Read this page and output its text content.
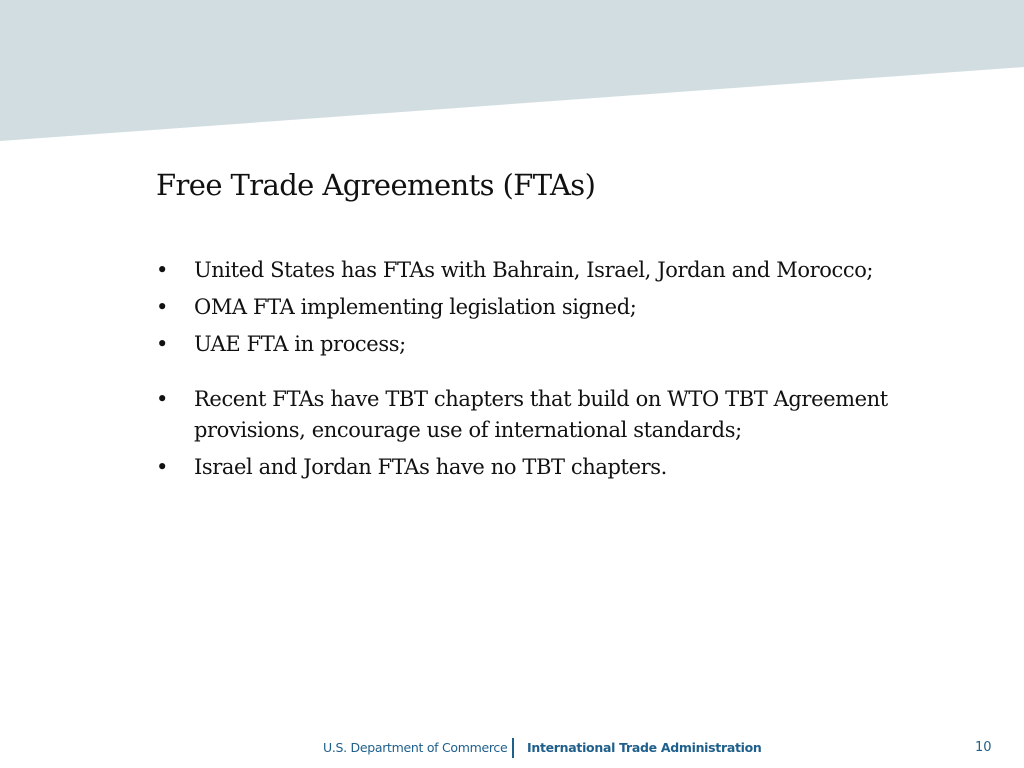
Free Trade Agreements (FTAs)
• United States has FTAs with Bahrain, Israel, Jordan and Morocco;
• OMA FTA implementing legislation signed;
• UAE FTA in process;
• Recent FTAs have TBT chapters that build on WTO TBT Agreement provisions, encourage use of international standards;
• Israel and Jordan FTAs have no TBT chapters.
U.S. Department of Commerce International Trade Administration	10
